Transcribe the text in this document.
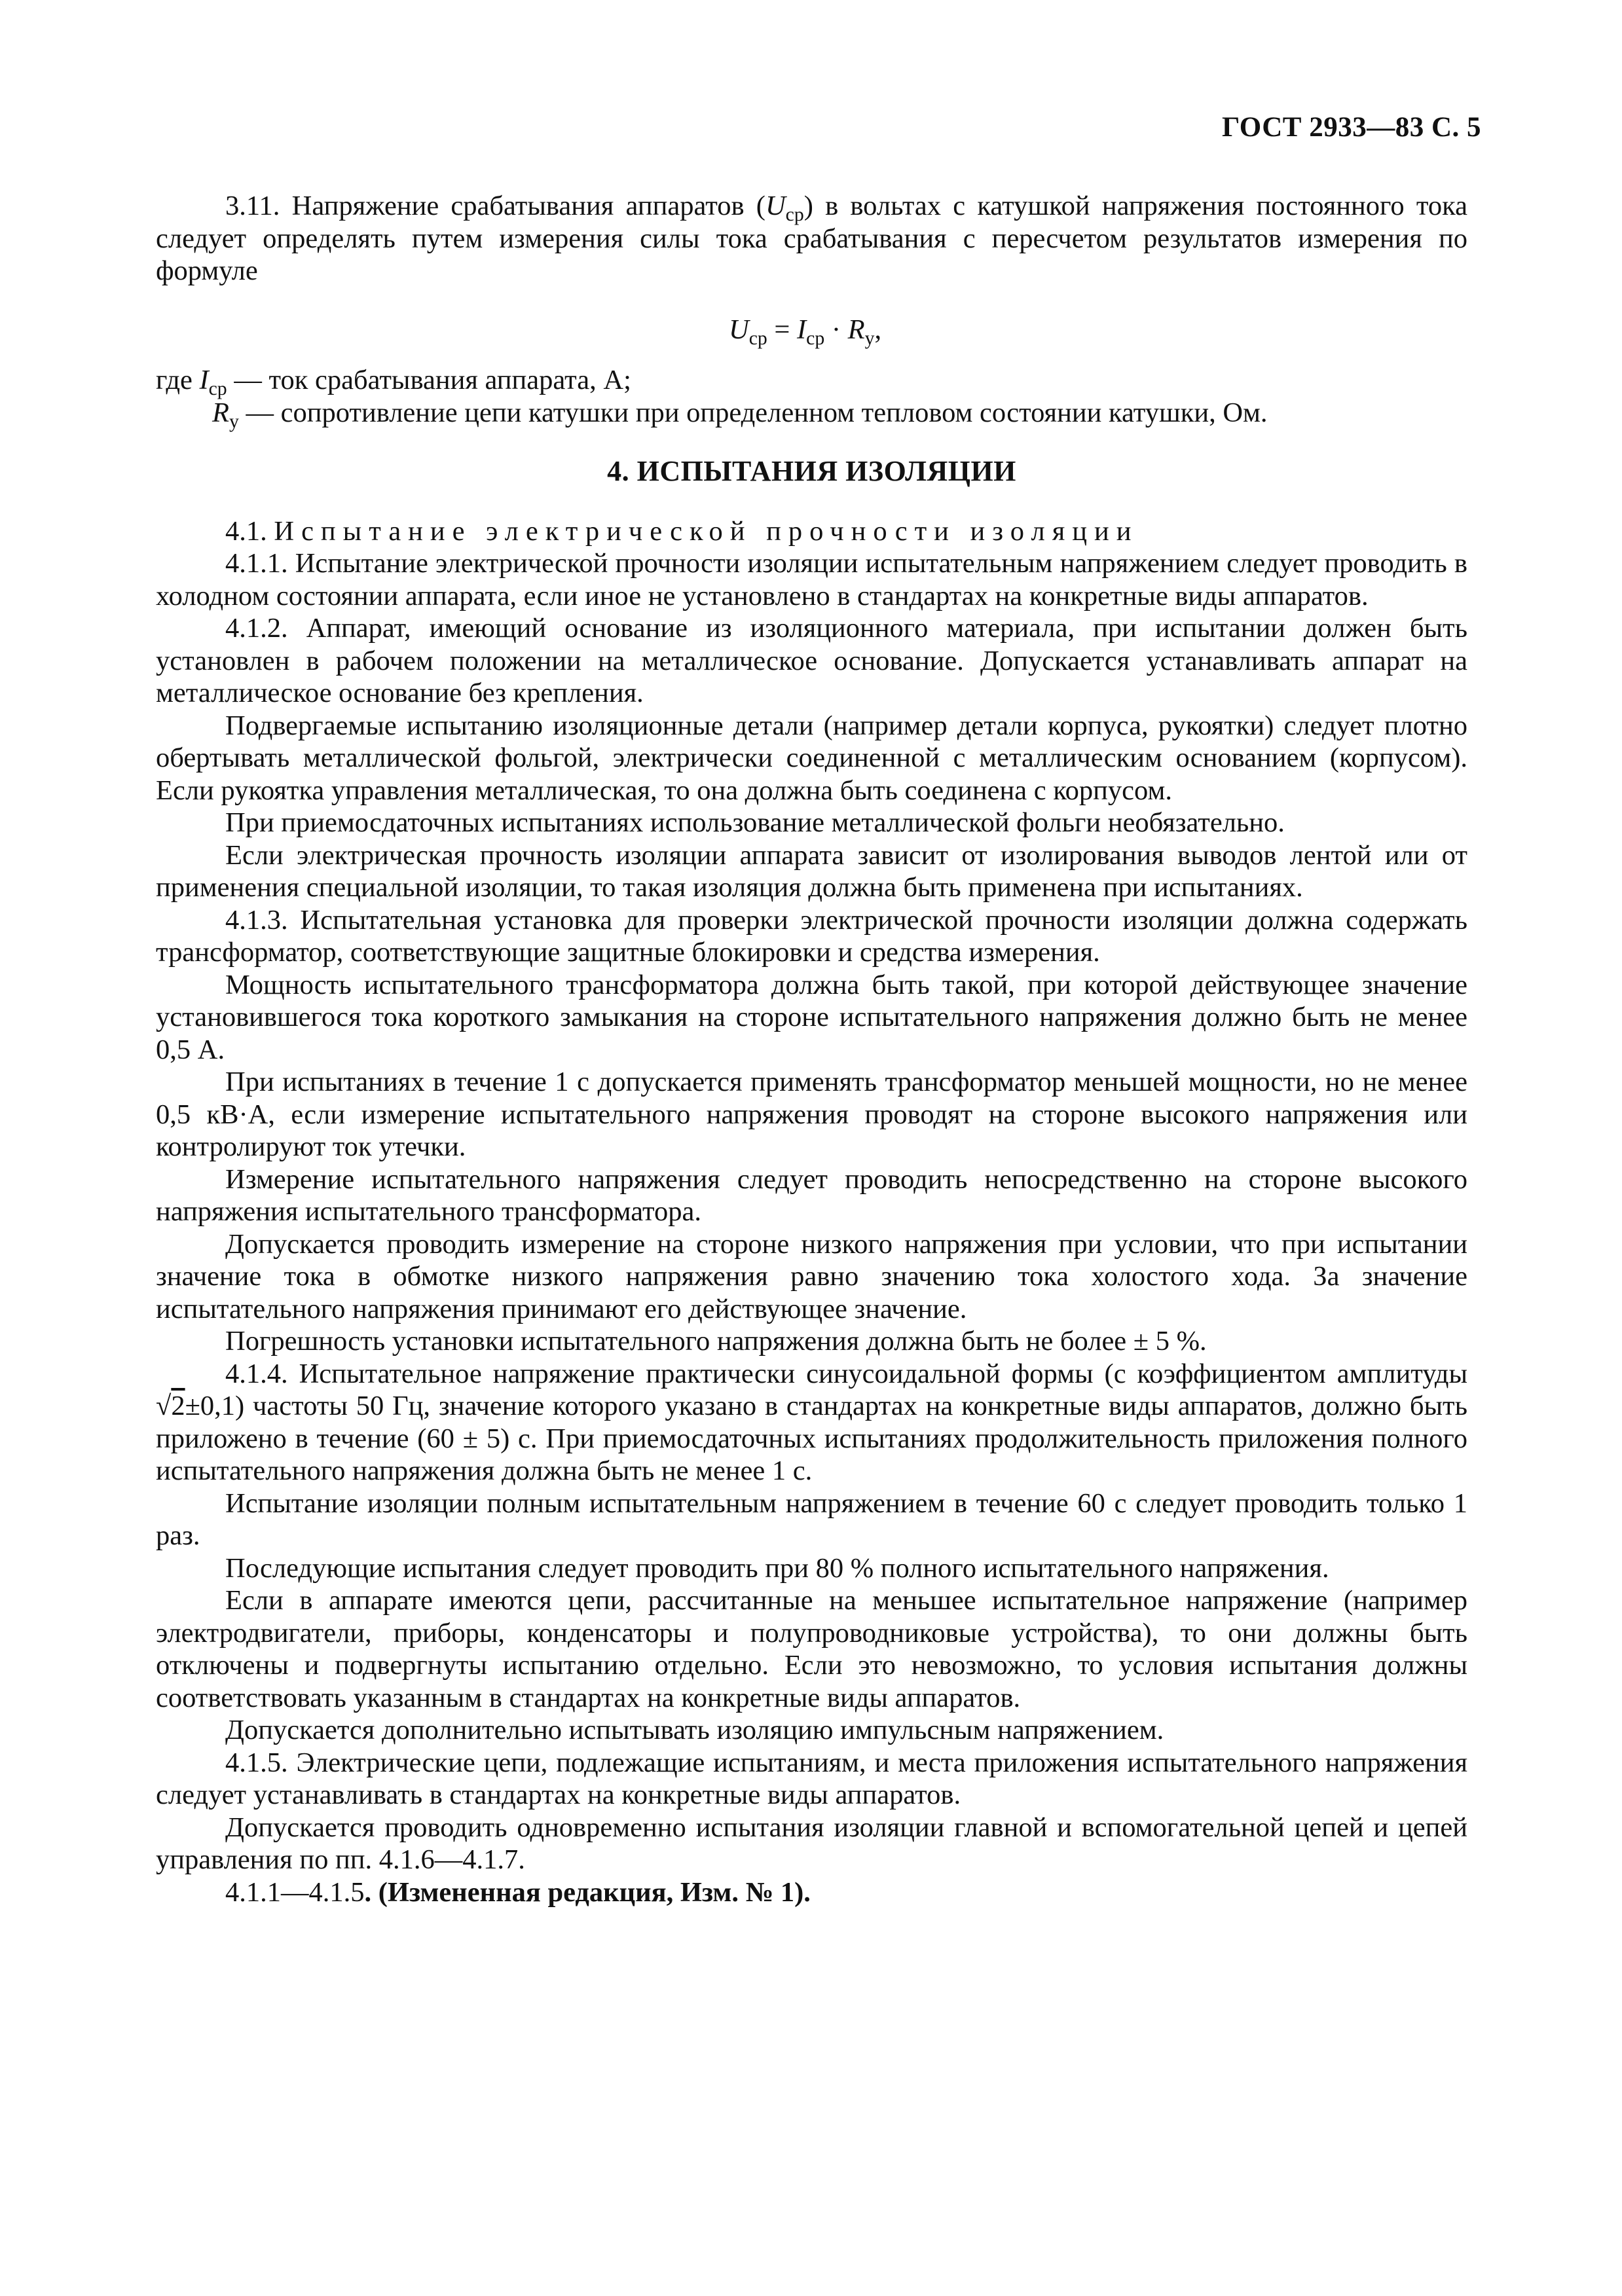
ГОСТ 2933—83 С. 5

3.11. Напряжение срабатывания аппаратов $(U_{ср})$ в вольтах с катушкой напряжения постоянного тока следует определять путем измерения силы тока срабатывания с пересчетом результатов измерения по формуле

$U_{ср} = I_{ср} \cdot R_у$,

где $I_{ср}$ — ток срабатывания аппарата, А;

$R_у$ — сопротивление цепи катушки при определенном тепловом состоянии катушки, Ом.

4. ИСПЫТАНИЯ ИЗОЛЯЦИИ

4.1. Испытание электрической прочности изоляции

4.1.1. Испытание электрической прочности изоляции испытательным напряжением следует проводить в холодном состоянии аппарата, если иное не установлено в стандартах на конкретные виды аппаратов.

4.1.2. Аппарат, имеющий основание из изоляционного материала, при испытании должен быть установлен в рабочем положении на металлическое основание. Допускается устанавливать аппарат на металлическое основание без крепления.

Подвергаемые испытанию изоляционные детали (например детали корпуса, рукоятки) следует плотно обертывать металлической фольгой, электрически соединенной с металлическим основанием (корпусом). Если рукоятка управления металлическая, то она должна быть соединена с корпусом.

При приемосдаточных испытаниях использование металлической фольги необязательно.

Если электрическая прочность изоляции аппарата зависит от изолирования выводов лентой или от применения специальной изоляции, то такая изоляция должна быть применена при испытаниях.

4.1.3. Испытательная установка для проверки электрической прочности изоляции должна содержать трансформатор, соответствующие защитные блокировки и средства измерения.

Мощность испытательного трансформатора должна быть такой, при которой действующее значение установившегося тока короткого замыкания на стороне испытательного напряжения должно быть не менее 0,5 А.

При испытаниях в течение 1 с допускается применять трансформатор меньшей мощности, но не менее 0,5 кВ·А, если измерение испытательного напряжения проводят на стороне высокого напряжения или контролируют ток утечки.

Измерение испытательного напряжения следует проводить непосредственно на стороне высокого напряжения испытательного трансформатора.

Допускается проводить измерение на стороне низкого напряжения при условии, что при испытании значение тока в обмотке низкого напряжения равно значению тока холостого хода. За значение испытательного напряжения принимают его действующее значение.

Погрешность установки испытательного напряжения должна быть не более ± 5 %.

4.1.4. Испытательное напряжение практически синусоидальной формы (с коэффициентом амплитуды √2±0,1) частоты 50 Гц, значение которого указано в стандартах на конкретные виды аппаратов, должно быть приложено в течение (60 ± 5) с. При приемосдаточных испытаниях продолжительность приложения полного испытательного напряжения должна быть не менее 1 с.

Испытание изоляции полным испытательным напряжением в течение 60 с следует проводить только 1 раз.

Последующие испытания следует проводить при 80 % полного испытательного напряжения.

Если в аппарате имеются цепи, рассчитанные на меньшее испытательное напряжение (например электродвигатели, приборы, конденсаторы и полупроводниковые устройства), то они должны быть отключены и подвергнуты испытанию отдельно. Если это невозможно, то условия испытания должны соответствовать указанным в стандартах на конкретные виды аппаратов.

Допускается дополнительно испытывать изоляцию импульсным напряжением.

4.1.5. Электрические цепи, подлежащие испытаниям, и места приложения испытательного напряжения следует устанавливать в стандартах на конкретные виды аппаратов.

Допускается проводить одновременно испытания изоляции главной и вспомогательной цепей и цепей управления по пп. 4.1.6—4.1.7.

4.1.1—4.1.5. (Измененная редакция, Изм. № 1).
